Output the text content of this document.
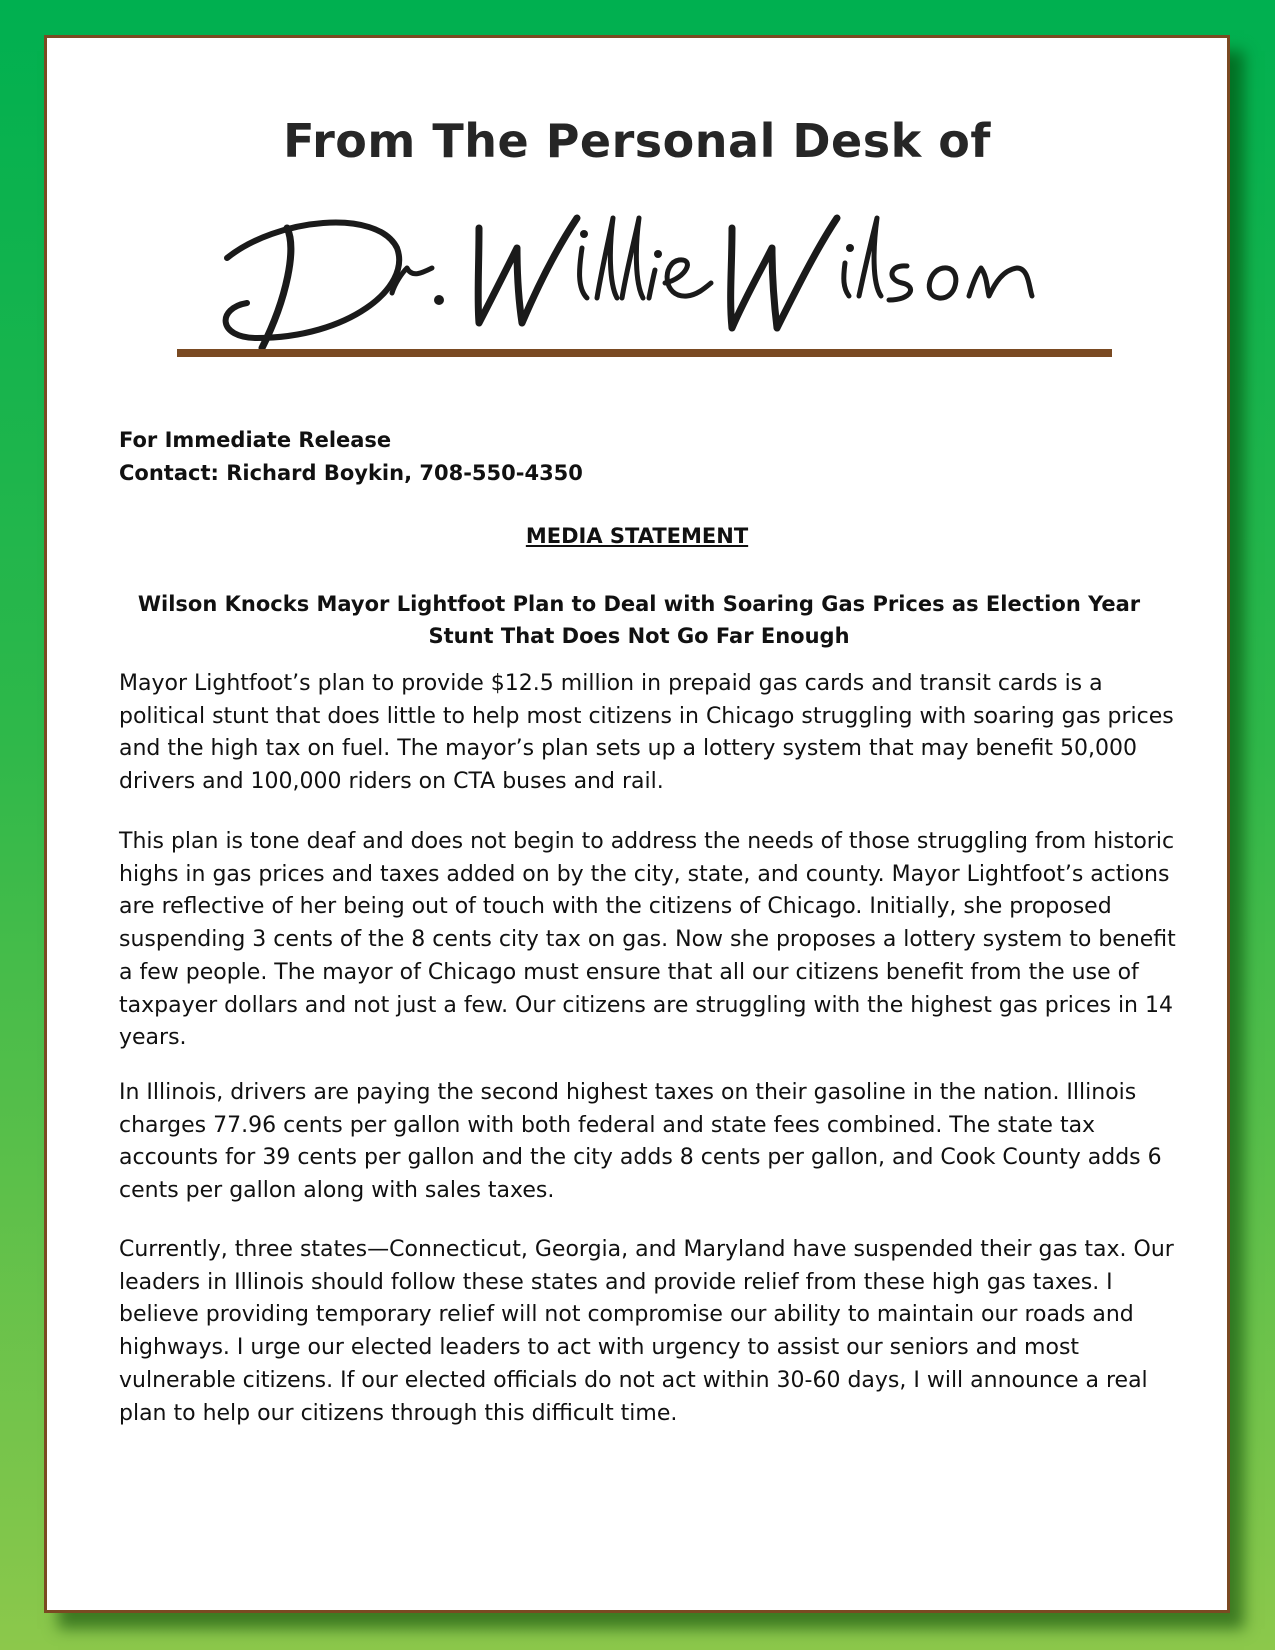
From The Personal Desk of
Dr. Willie Wilson
For Immediate Release
Contact: Richard Boykin, 708-550-4350
MEDIA STATEMENT
Wilson Knocks Mayor Lightfoot Plan to Deal with Soaring Gas Prices as Election Year Stunt That Does Not Go Far Enough

Mayor Lightfoot’s plan to provide $12.5 million in prepaid gas cards and transit cards is a political stunt that does little to help most citizens in Chicago struggling with soaring gas prices and the high tax on fuel. The mayor’s plan sets up a lottery system that may benefit 50,000 drivers and 100,000 riders on CTA buses and rail.

This plan is tone deaf and does not begin to address the needs of those struggling from historic highs in gas prices and taxes added on by the city, state, and county. Mayor Lightfoot’s actions are reflective of her being out of touch with the citizens of Chicago. Initially, she proposed suspending 3 cents of the 8 cents city tax on gas. Now she proposes a lottery system to benefit a few people. The mayor of Chicago must ensure that all our citizens benefit from the use of taxpayer dollars and not just a few. Our citizens are struggling with the highest gas prices in 14 years.

In Illinois, drivers are paying the second highest taxes on their gasoline in the nation. Illinois charges 77.96 cents per gallon with both federal and state fees combined. The state tax accounts for 39 cents per gallon and the city adds 8 cents per gallon, and Cook County adds 6 cents per gallon along with sales taxes.

Currently, three states—Connecticut, Georgia, and Maryland have suspended their gas tax. Our leaders in Illinois should follow these states and provide relief from these high gas taxes. I believe providing temporary relief will not compromise our ability to maintain our roads and highways. I urge our elected leaders to act with urgency to assist our seniors and most vulnerable citizens. If our elected officials do not act within 30-60 days, I will announce a real plan to help our citizens through this difficult time.
